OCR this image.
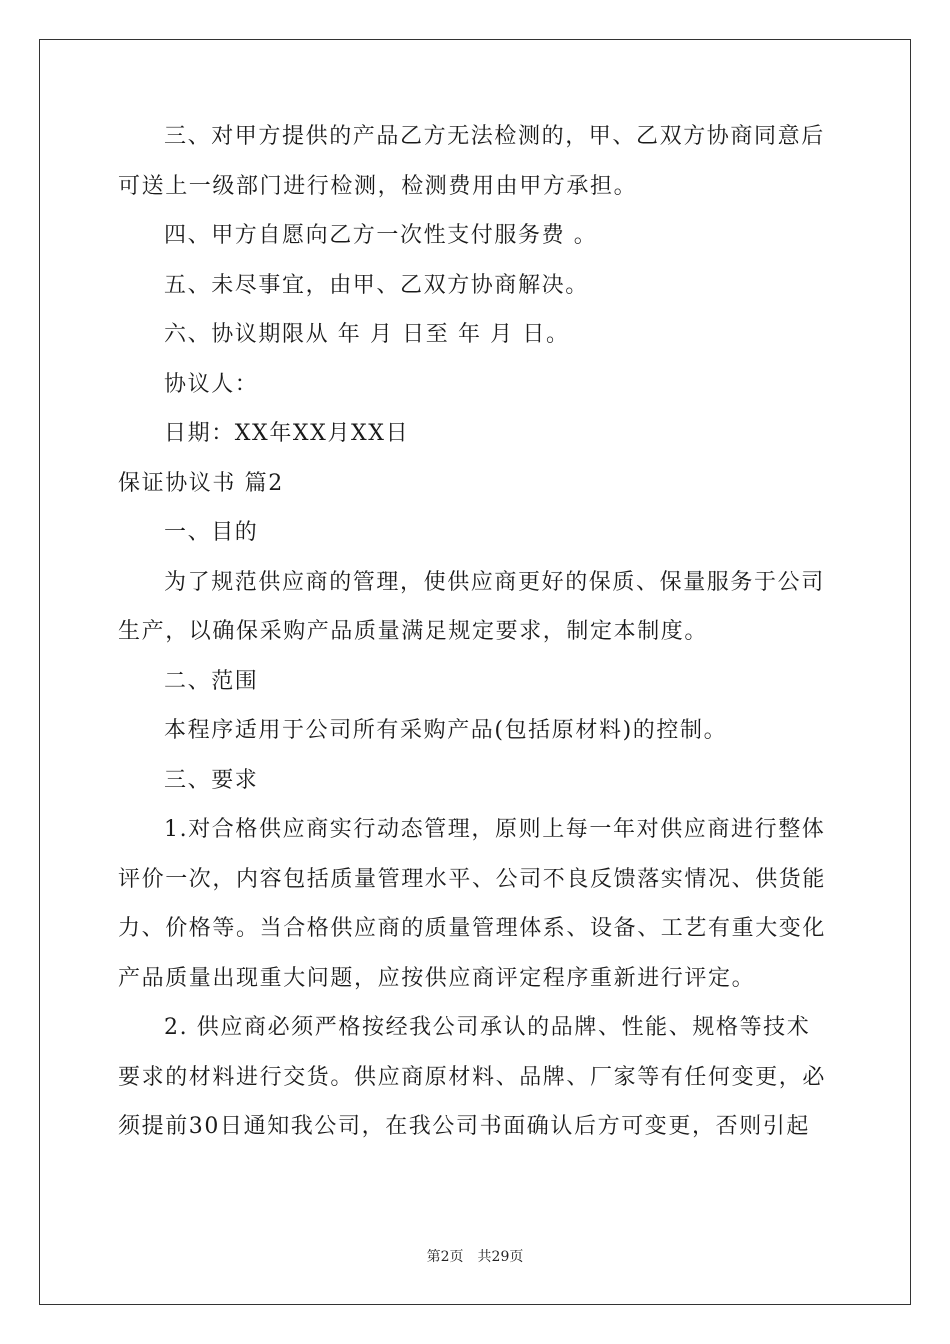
三、对甲方提供的产品乙方无法检测的，甲、乙双方协商同意后
可送上一级部门进行检测，检测费用由甲方承担。
四、甲方自愿向乙方一次性支付服务费 。
五、未尽事宜，由甲、乙双方协商解决。
六、协议期限从 年 月 日至 年 月 日。
协议人：
日期：XX年XX月XX日
保证协议书 篇2
一、目的
为了规范供应商的管理，使供应商更好的保质、保量服务于公司
生产，以确保采购产品质量满足规定要求，制定本制度。
二、范围
本程序适用于公司所有采购产品(包括原材料)的控制。
三、要求
1.对合格供应商实行动态管理，原则上每一年对供应商进行整体
评价一次，内容包括质量管理水平、公司不良反馈落实情况、供货能
力、价格等。当合格供应商的质量管理体系、设备、工艺有重大变化
产品质量出现重大问题，应按供应商评定程序重新进行评定。
2. 供应商必须严格按经我公司承认的品牌、性能、规格等技术
要求的材料进行交货。供应商原材料、品牌、厂家等有任何变更，必
须提前30日通知我公司，在我公司书面确认后方可变更，否则引起
第2页 共29页
